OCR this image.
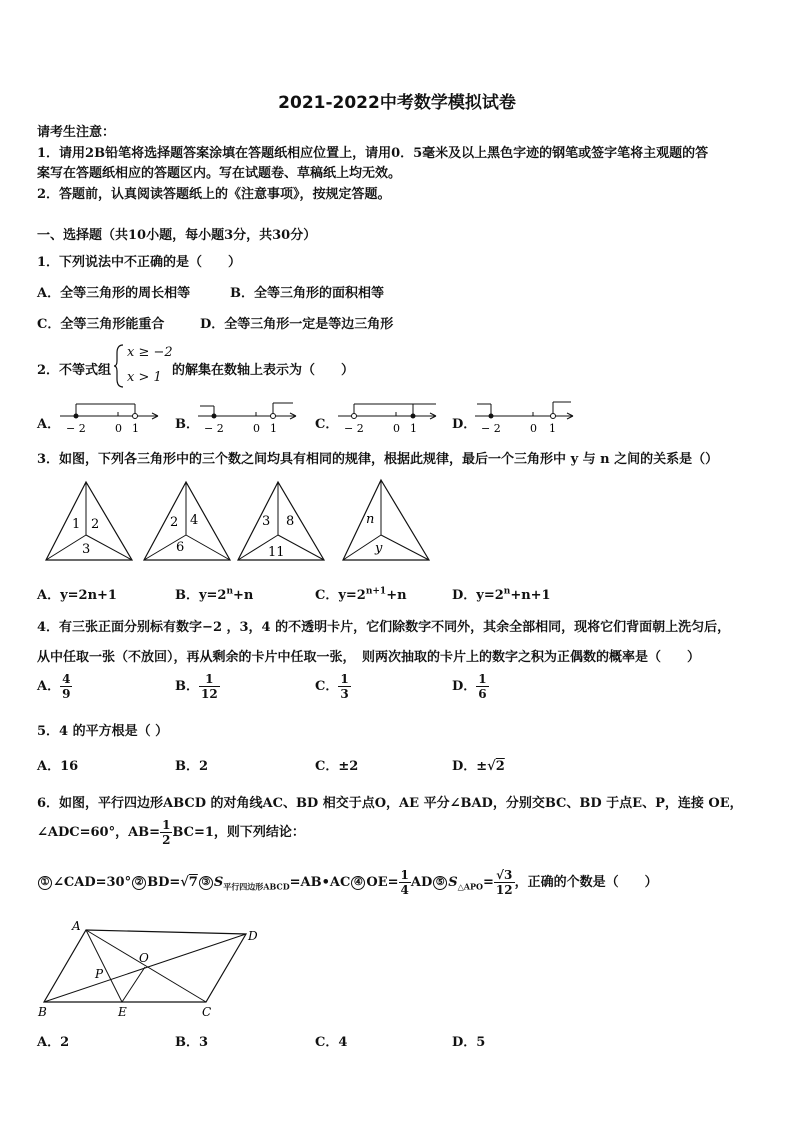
2021-2022中考数学模拟试卷
请考生注意：
1．请用2B铅笔将选择题答案涂填在答题纸相应位置上，请用0．5毫米及以上黑色字迹的钢笔或签字笔将主观题的答
案写在答题纸相应的答题区内。写在试题卷、草稿纸上均无效。
2．答题前，认真阅读答题纸上的《注意事项》，按规定答题。
一、选择题（共10小题，每小题3分，共30分）
1．下列说法中不正确的是（　　）
A．全等三角形的周长相等	B．全等三角形的面积相等
C．全等三角形能重合	D．全等三角形一定是等边三角形
2．不等式组
x ≥ −2
x > 1 的解集在数轴上表示为（　　）
A． − 2	0 1	B． − 2	0 1	C． − 2	0 1	D． − 2	0 1
3．如图，下列各三角形中的三个数之间均具有相同的规律，根据此规律，最后一个三角形中 y 与 n 之间的关系是（）
1 2
3
2 4
6
3 8
11
n
y
A．y=2n+1	B．$y=2^n+n$	C．$y=2^{n+1}+n$	D．$y=2^n+n+1$
4．有三张正面分别标有数字−2 ，3，4 的不透明卡片，它们除数字不同外，其余全部相同，现将它们背面朝上洗匀后，
从中任取一张（不放回），再从剩余的卡片中任取一张，　则两次抽取的卡片上的数字之积为正偶数的概率是（　　）
A． $\frac{4}{9}$	B． $\frac{1}{12}$	C． $\frac{1}{3}$	D． $\frac{1}{6}$
5．4 的平方根是（ ）
A．16	B．2	C．±2	D．±√2
6．如图，平行四边形ABCD 的对角线AC、BD 相交于点O，AE 平分∠BAD，分别交BC、BD 于点E、P，连接 OE，
∠ADC=60°，$AB= \frac{1}{2} BC=1$，则下列结论：
① ∠CAD=30° ② BD=√7 ③ $S_{平行四边形ABCD}=AB•AC$ ④ $OE= \frac{1}{4}$ AD ⑤ $S_{\triangle APO}= \frac{√3}{12}$ ，正确的个数是（　　）
A
D
B	C
O
P
E
A．2	B．3	C．4	D．5
